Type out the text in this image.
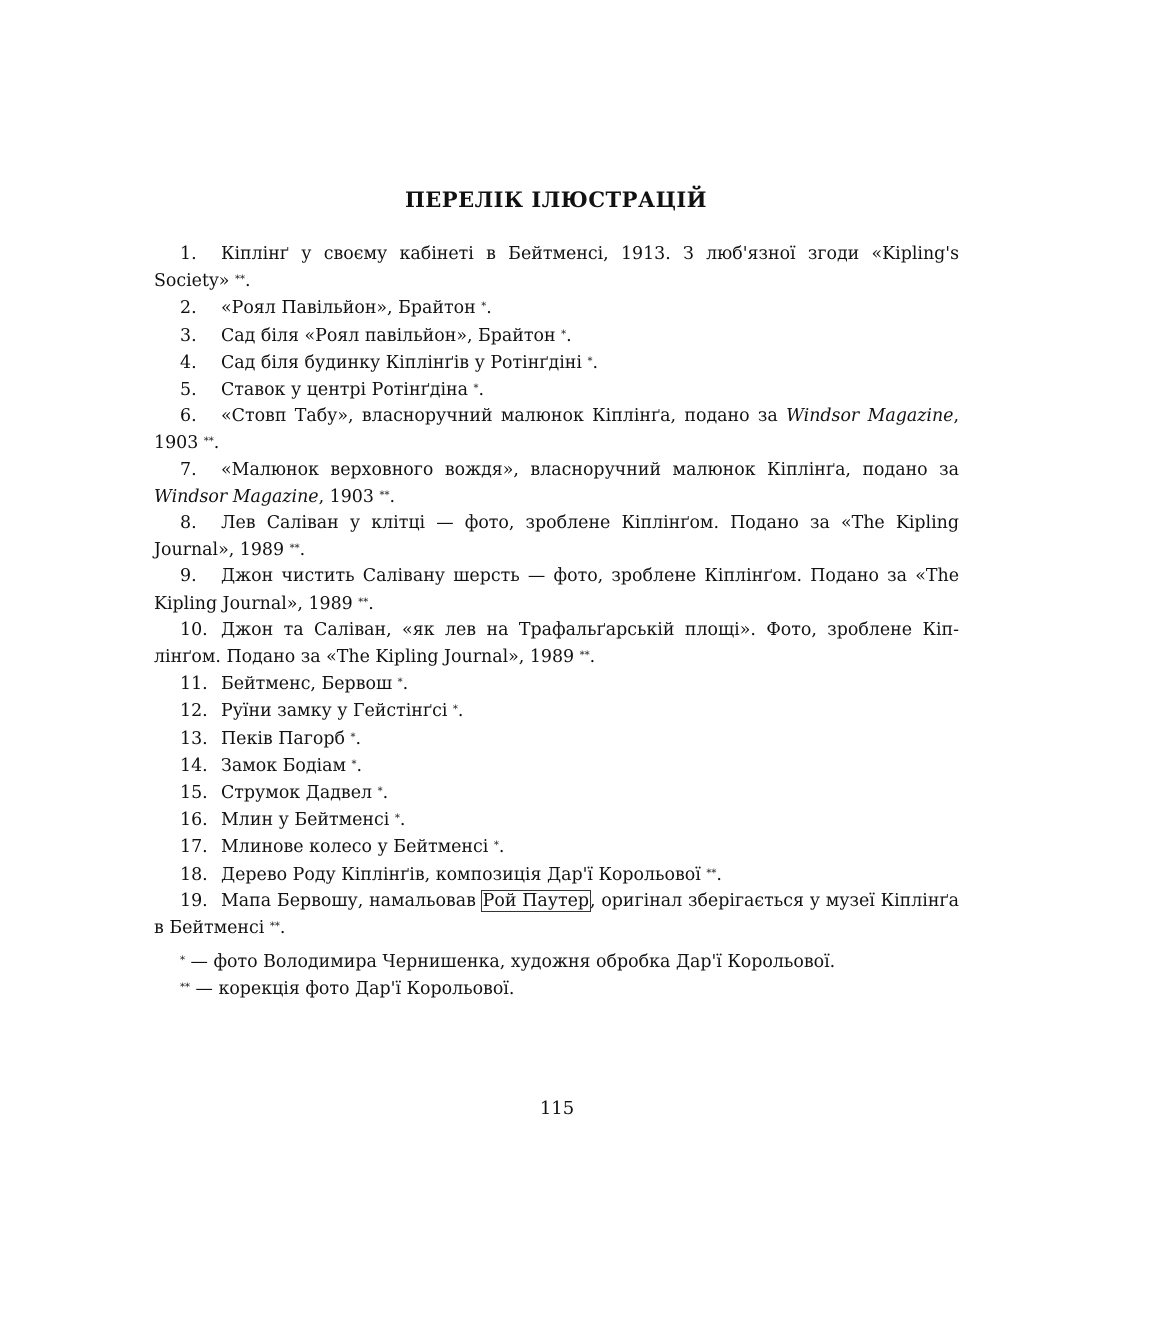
ПЕРЕЛІК ІЛЮСТРАЦІЙ

1. Кіплінґ у своєму кабінеті в Бейтменсі, 1913. З люб'язної згоди «Kipling's Society» **.

2. «Роял Павільйон», Брайтон *.

3. Сад біля «Роял павільйон», Брайтон *.

4. Сад біля будинку Кіплінґів у Ротінґдіні *.

5. Ставок у центрі Ротінґдіна *.

6. «Стовп Табу», власноручний малюнок Кіплінґа, подано за Windsor Magazine, 1903 **.

7. «Малюнок верховного вождя», власноручний малюнок Кіплінґа, подано за Windsor Magazine, 1903 **.

8. Лев Саліван у клітці — фото, зроблене Кіплінґом. Подано за «The Kipling Journal», 1989 **.

9. Джон чистить Салівану шерсть — фото, зроблене Кіплінґом. Подано за «The Kipling Journal», 1989 **.

10. Джон та Саліван, «як лев на Трафальґарській площі». Фото, зроблене Кіплінґом. Подано за «The Kipling Journal», 1989 **.

11. Бейтменс, Бервош *.

12. Руїни замку у Гейстінґсі *.

13. Пеків Пагорб *.

14. Замок Бодіам *.

15. Струмок Дадвел *.

16. Млин у Бейтменсі *.

17. Млинове колесо у Бейтменсі *.

18. Дерево Роду Кіплінґів, композиція Дар'ї Корольової **.

19. Мапа Бервошу, намальовав Рой Паутер, оригінал зберігається у музеї Кіплінґа в Бейтменсі **.

* — фото Володимира Чернишенка, художня обробка Дар'ї Корольової.

** — корекція фото Дар'ї Корольової.

115
